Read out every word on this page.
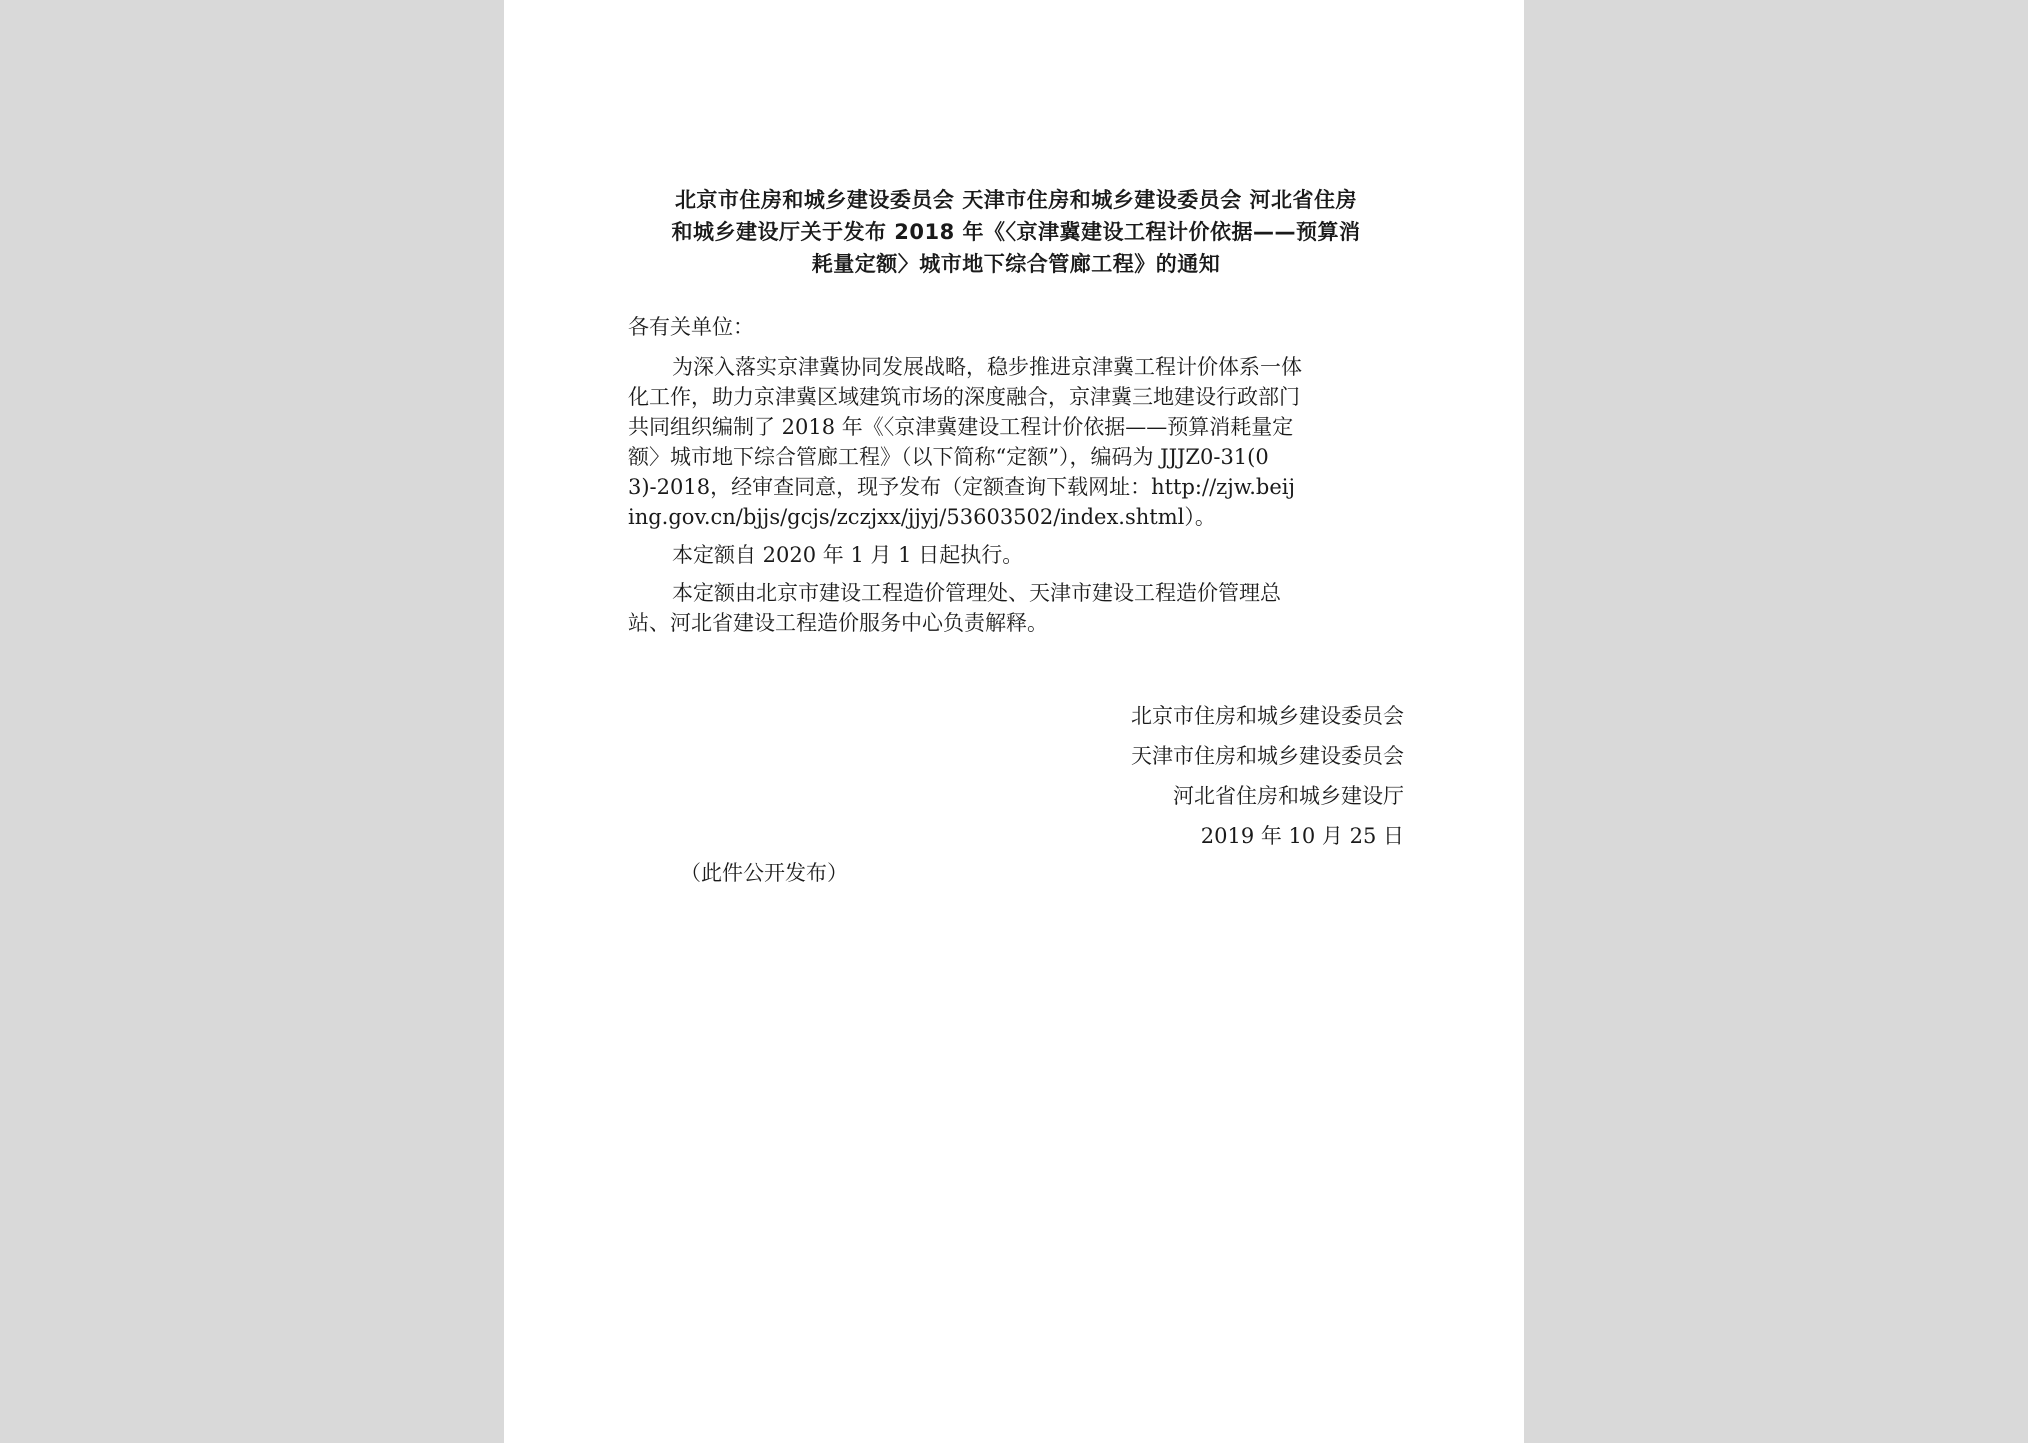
北京市住房和城乡建设委员会 天津市住房和城乡建设委员会 河北省住房
和城乡建设厅关于发布 2018 年《〈京津冀建设工程计价依据——预算消
耗量定额〉城市地下综合管廊工程》的通知
各有关单位：
为深入落实京津冀协同发展战略，稳步推进京津冀工程计价体系一体
化工作，助力京津冀区域建筑市场的深度融合，京津冀三地建设行政部门
共同组织编制了 2018 年《〈京津冀建设工程计价依据——预算消耗量定
额〉城市地下综合管廊工程》（以下简称“定额”），编码为 JJJZ0-31(0
3)-2018，经审查同意，现予发布（定额查询下载网址：http://zjw.beij
ing.gov.cn/bjjs/gcjs/zczjxx/jjyj/53603502/index.shtml）。
本定额自 2020 年 1 月 1 日起执行。
本定额由北京市建设工程造价管理处、天津市建设工程造价管理总
站、河北省建设工程造价服务中心负责解释。
北京市住房和城乡建设委员会
天津市住房和城乡建设委员会
河北省住房和城乡建设厅
2019 年 10 月 25 日
（此件公开发布）
